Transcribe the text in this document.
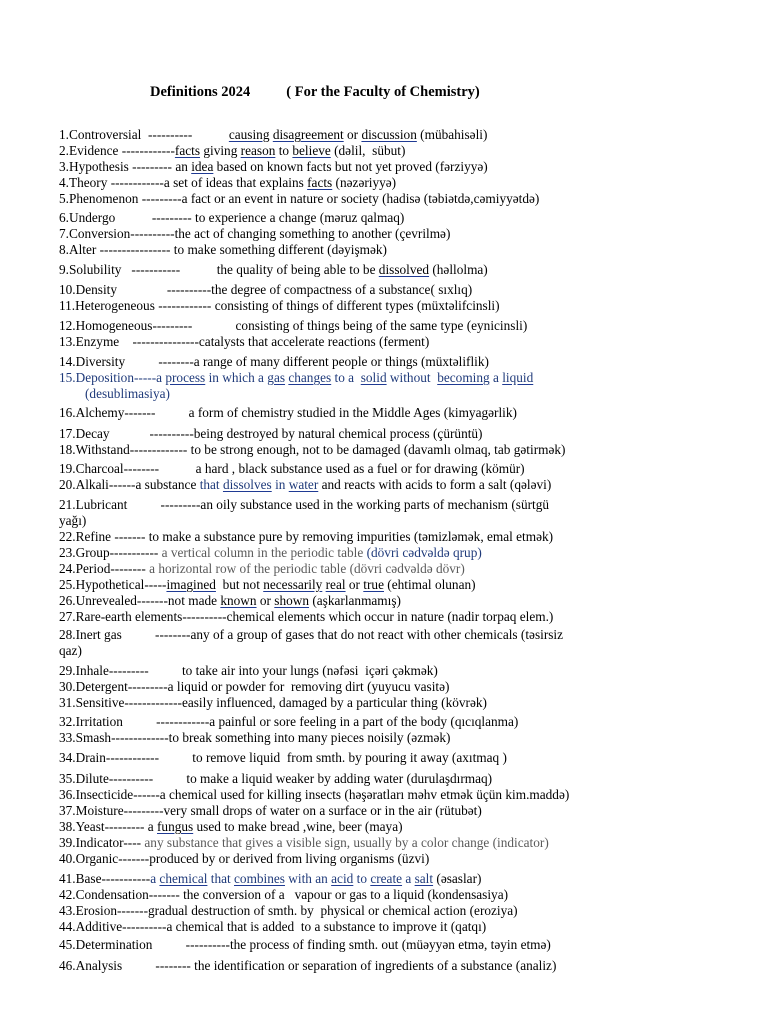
Definitions 2024 ( For the Faculty of Chemistry)
1.Controversial  ----------           causing disagreement or discussion (mübahisəli)
2.Evidence ------------facts giving reason to believe (dəlil,  sübut)
3.Hypothesis --------- an idea based on known facts but not yet proved (fərziyyə)
4.Theory ------------a set of ideas that explains facts (nəzəriyyə)
5.Phenomenon ---------a fact or an event in nature or society (hadisə (təbiətdə,cəmiyyətdə)
6.Undergo           --------- to experience a change (məruz qalmaq)
7.Conversion----------the act of changing something to another (çevrilmə)
8.Alter ---------------- to make something different (dəyişmək)
9.Solubility   -----------           the quality of being able to be dissolved (həllolma)
10.Density               ----------the degree of compactness of a substance( sıxlıq)
11.Heterogeneous ------------ consisting of things of different types (müxtəlifcinsli)
12.Homogeneous---------             consisting of things being of the same type (eynicinsli)
13.Enzyme    ---------------catalysts that accelerate reactions (ferment)
14.Diversity          --------a range of many different people or things (müxtəliflik)
15.Deposition-----a process in which a gas changes to a  solid without  becoming a liquid
(desublimasiya)
16.Alchemy-------          a form of chemistry studied in the Middle Ages (kimyagərlik)
17.Decay            ----------being destroyed by natural chemical process (çürüntü)
18.Withstand------------- to be strong enough, not to be damaged (davamlı olmaq, tab gətirmək)
19.Charcoal--------           a hard , black substance used as a fuel or for drawing (kömür)
20.Alkali------a substance that dissolves in water and reacts with acids to form a salt (qələvi)
21.Lubricant          ---------an oily substance used in the working parts of mechanism (sürtgü
yağı)
22.Refine ------- to make a substance pure by removing impurities (təmizləmək, emal etmək)
23.Group----------- a vertical column in the periodic table (dövri cədvəldə qrup)
24.Period-------- a horizontal row of the periodic table (dövri cədvəldə dövr)
25.Hypothetical-----imagined  but not necessarily real or true (ehtimal olunan)
26.Unrevealed-------not made known or shown (aşkarlanmamış)
27.Rare-earth elements----------chemical elements which occur in nature (nadir torpaq elem.)
28.Inert gas          --------any of a group of gases that do not react with other chemicals (təsirsiz
qaz)
29.Inhale---------          to take air into your lungs (nəfəsi  içəri çəkmək)
30.Detergent---------a liquid or powder for  removing dirt (yuyucu vasitə)
31.Sensitive-------------easily influenced, damaged by a particular thing (kövrək)
32.Irritation          ------------a painful or sore feeling in a part of the body (qıcıqlanma)
33.Smash-------------to break something into many pieces noisily (əzmək)
34.Drain------------          to remove liquid  from smth. by pouring it away (axıtmaq )
35.Dilute----------          to make a liquid weaker by adding water (durulaşdırmaq)
36.Insecticide------a chemical used for killing insects (həşəratları məhv etmək üçün kim.maddə)
37.Moisture---------very small drops of water on a surface or in the air (rütubət)
38.Yeast--------- a fungus used to make bread ,wine, beer (maya)
39.Indicator---- any substance that gives a visible sign, usually by a color change (indicator)
40.Organic-------produced by or derived from living organisms (üzvi)
41.Base-----------a chemical that combines with an acid to create a salt (əsaslar)
42.Condensation------- the conversion of a   vapour or gas to a liquid (kondensasiya)
43.Erosion-------gradual destruction of smth. by  physical or chemical action (eroziya)
44.Additive----------a chemical that is added  to a substance to improve it (qatqı)
45.Determination          ----------the process of finding smth. out (müəyyən etmə, təyin etmə)
46.Analysis          -------- the identification or separation of ingredients of a substance (analiz)
